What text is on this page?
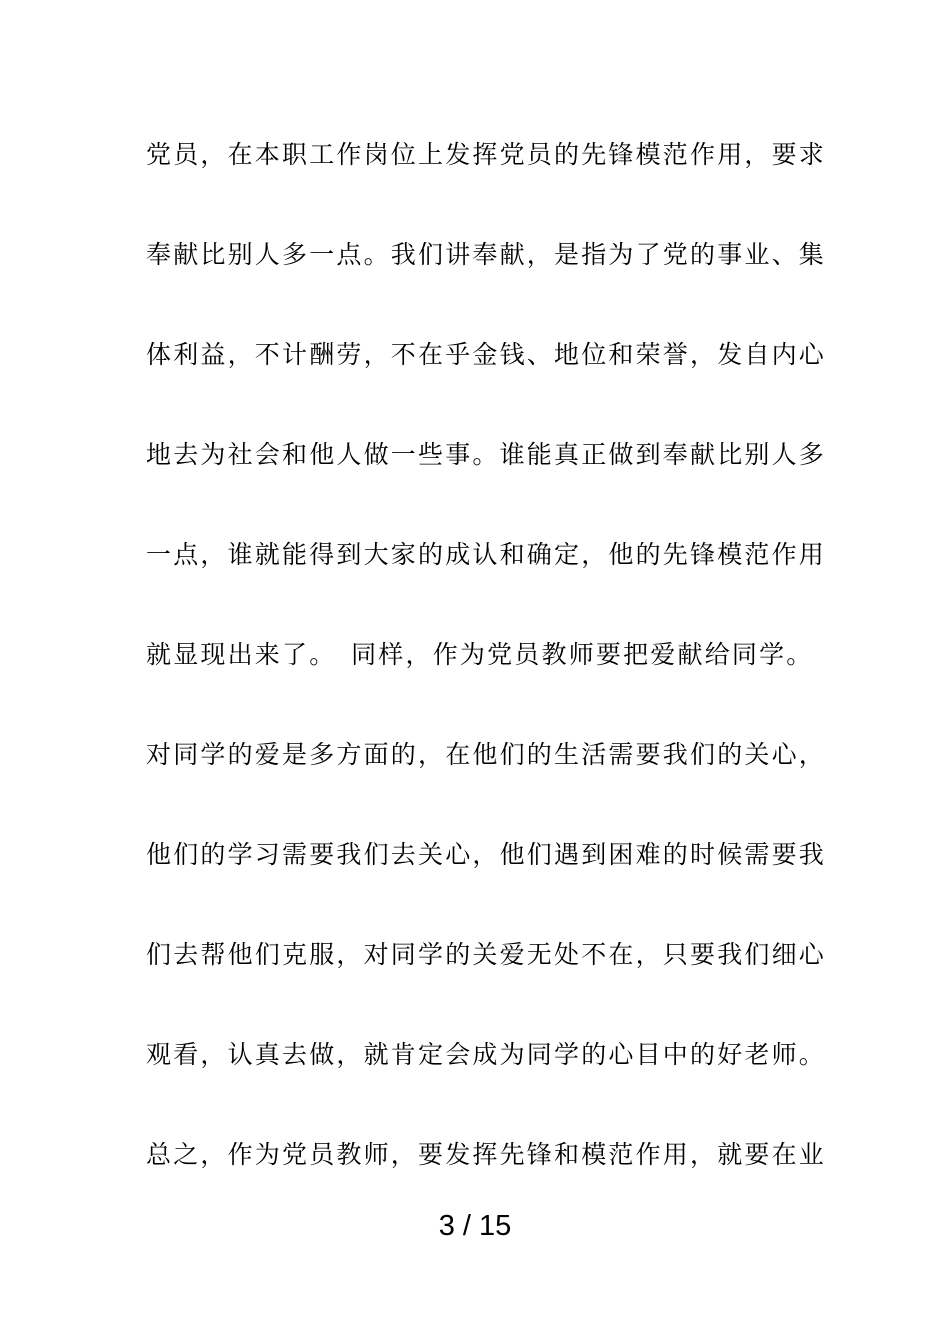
党员，在本职工作岗位上发挥党员的先锋模范作用，要求
奉献比别人多一点。我们讲奉献，是指为了党的事业、集
体利益，不计酬劳，不在乎金钱、地位和荣誉，发自内心
地去为社会和他人做一些事。谁能真正做到奉献比别人多
一点，谁就能得到大家的成认和确定，他的先锋模范作用
就显现出来了。　同样，作为党员教师要把爱献给同学。
对同学的爱是多方面的，在他们的生活需要我们的关心，
他们的学习需要我们去关心，他们遇到困难的时候需要我
们去帮他们克服，对同学的关爱无处不在，只要我们细心
观看，认真去做，就肯定会成为同学的心目中的好老师。
总之，作为党员教师，要发挥先锋和模范作用，就要在业
3 / 15
